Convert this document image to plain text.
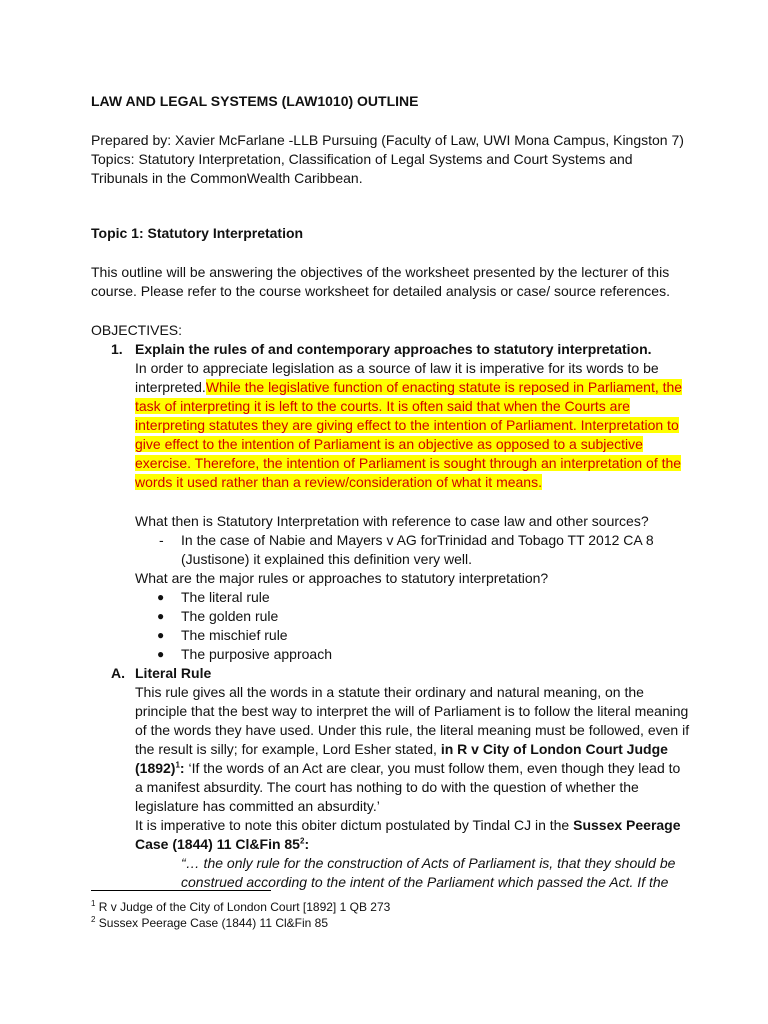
LAW AND LEGAL SYSTEMS (LAW1010) OUTLINE

Prepared by: Xavier McFarlane -LLB Pursuing (Faculty of Law, UWI Mona Campus, Kingston 7)

Topics: Statutory Interpretation, Classification of Legal Systems and Court Systems and Tribunals in the CommonWealth Caribbean.

Topic 1: Statutory Interpretation

This outline will be answering the objectives of the worksheet presented by the lecturer of this course. Please refer to the course worksheet for detailed analysis or case/ source references.

OBJECTIVES:

1. Explain the rules of and contemporary approaches to statutory interpretation.

In order to appreciate legislation as a source of law it is imperative for its words to be interpreted.While the legislative function of enacting statute is reposed in Parliament, the task of interpreting it is left to the courts. It is often said that when the Courts are interpreting statutes they are giving effect to the intention of Parliament. Interpretation to give effect to the intention of Parliament is an objective as opposed to a subjective exercise. Therefore, the intention of Parliament is sought through an interpretation of the words it used rather than a review/consideration of what it means.

What then is Statutory Interpretation with reference to case law and other sources?

- In the case of Nabie and Mayers v AG forTrinidad and Tobago TT 2012 CA 8 (Justisone) it explained this definition very well.

What are the major rules or approaches to statutory interpretation?

● The literal rule
● The golden rule
● The mischief rule
● The purposive approach
A. Literal Rule

This rule gives all the words in a statute their ordinary and natural meaning, on the principle that the best way to interpret the will of Parliament is to follow the literal meaning of the words they have used. Under this rule, the literal meaning must be followed, even if the result is silly; for example, Lord Esher stated, in R v City of London Court Judge $(1892)^1$: ‘If the words of an Act are clear, you must follow them, even though they lead to a manifest absurdity. The court has nothing to do with the question of whether the legislature has committed an absurdity.’

It is imperative to note this obiter dictum postulated by Tindal CJ in the Sussex Peerage Case (1844) 11 Cl&Fin $85^2$:

“… the only rule for the construction of Acts of Parliament is, that they should be construed according to the intent of the Parliament which passed the Act. If the

$^1$ R v Judge of the City of London Court [1892] 1 QB 273
$^2$ Sussex Peerage Case (1844) 11 Cl&Fin 85
